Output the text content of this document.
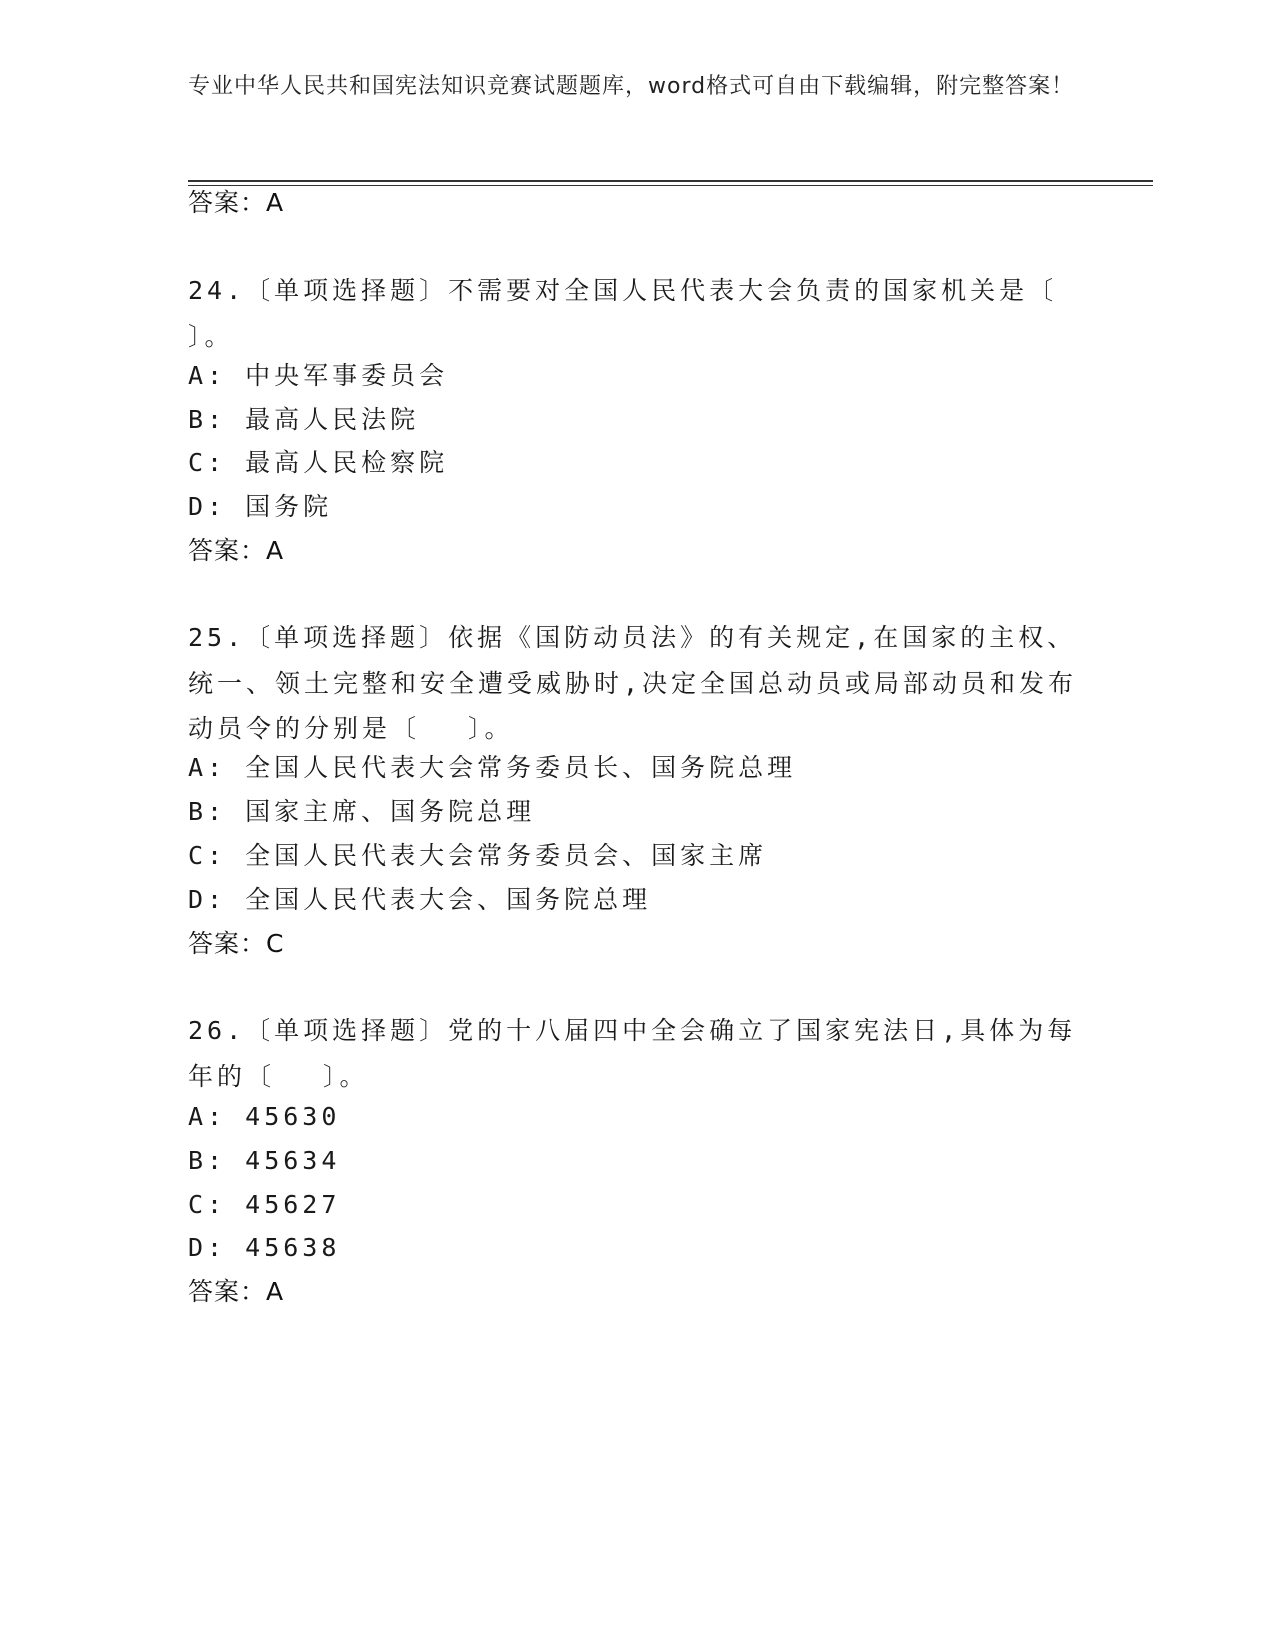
专业中华人民共和国宪法知识竞赛试题题库，word格式可自由下载编辑，附完整答案！
答案：A
24.〔单项选择题〕不需要对全国人民代表大会负责的国家机关是〔 〕。
A: 中央军事委员会
B: 最高人民法院
C: 最高人民检察院
D: 国务院
答案：A
25.〔单项选择题〕依据《国防动员法》的有关规定,在国家的主权、统一、领土完整和安全遭受威胁时,决定全国总动员或局部动员和发布动员令的分别是〔　 〕。
A: 全国人民代表大会常务委员长、国务院总理
B: 国家主席、国务院总理
C: 全国人民代表大会常务委员会、国家主席
D: 全国人民代表大会、国务院总理
答案：C
26.〔单项选择题〕党的十八届四中全会确立了国家宪法日,具体为每年的〔　 〕。
A: 45630
B: 45634
C: 45627
D: 45638
答案：A
